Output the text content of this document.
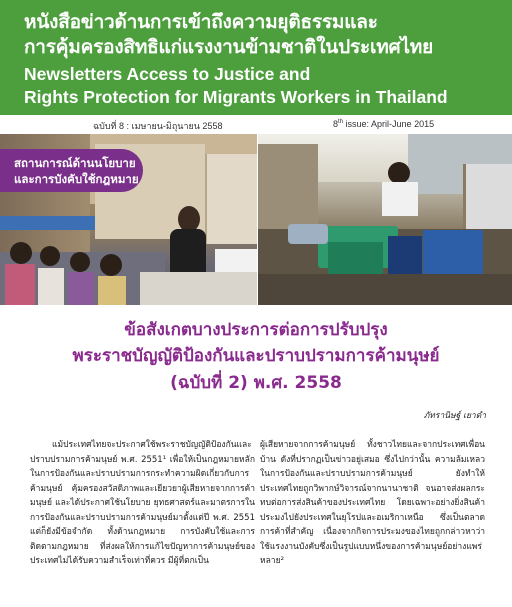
หนังสือข่าวด้านการเข้าถึงความยุติธรรมและ
การคุ้มครองสิทธิแก่แรงงานข้ามชาติในประเทศไทย
Newsletters Access to Justice and
Rights Protection for Migrants Workers in Thailand
ฉบับที่ 8 : เมษายน-มิถุนายน 2558	8th issue: April-June 2015
สถานการณ์ด้านนโยบาย
และการบังคับใช้กฎหมาย
ข้อสังเกตบางประการต่อการปรับปรุง
พระราชบัญญัติป้องกันและปราบปรามการค้ามนุษย์
(ฉบับที่ 2) พ.ศ. 2558
ภัทรานิษฐ์ เยาดำ

แม้ประเทศไทยจะประกาศใช้พระราชบัญญัติป้องกันและปราบปรามการค้ามนุษย์ พ.ศ. 2551¹ เพื่อให้เป็นกฎหมายหลักในการป้องกันและปราบปรามการกระทำความผิดเกี่ยวกับการค้ามนุษย์ คุ้มครองสวัสดิภาพและเยียวยาผู้เสียหายจากการค้ามนุษย์ และได้ประกาศใช้นโยบาย ยุทธศาสตร์และมาตรการในการป้องกันและปราบปรามการค้ามนุษย์มาตั้งแต่ปี พ.ศ. 2551 แต่ก็ยังมีข้อจำกัด ทั้งด้านกฎหมาย การบังคับใช้และการติดตามกฎหมาย ที่ส่งผลให้การแก้ไขปัญหาการค้ามนุษย์ของประเทศไม่ได้รับความสำเร็จเท่าที่ควร มีผู้ที่ตกเป็น

ผู้เสียหายจากการค้ามนุษย์ ทั้งชาวไทยและจากประเทศเพื่อนบ้าน ดังที่ปรากฏเป็นข่าวอยู่เสมอ ซึ่งไปกว่านั้น ความล้มเหลวในการป้องกันและปราบปรามการค้ามนุษย์ ยังทำให้ประเทศไทยถูกวิพากษ์วิจารณ์จากนานาชาติ จนอาจส่งผลกระทบต่อการส่งสินค้าของประเทศไทย โดยเฉพาะอย่างยิ่งสินค้าประมงไปยังประเทศในยุโรปและอเมริกาเหนือ ซึ่งเป็นตลาดการค้าที่สำคัญ เนื่องจากกิจการประมงของไทยถูกกล่าวหาว่าใช้แรงงานบังคับซึ่งเป็นรูปแบบหนึ่งของการค้ามนุษย์อย่างแพร่หลาย²
